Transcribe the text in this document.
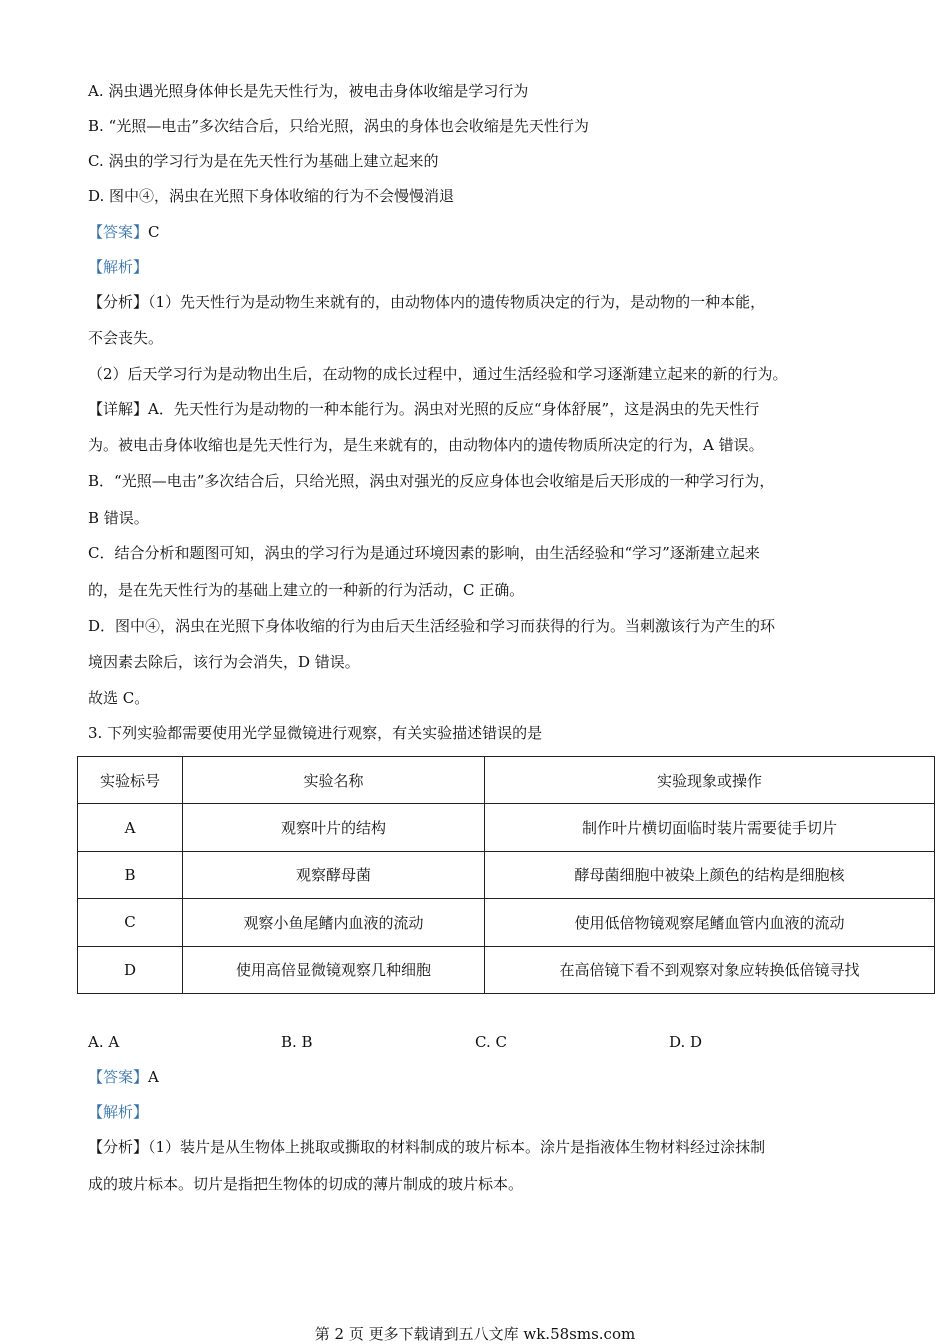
A. 涡虫遇光照身体伸长是先天性行为，被电击身体收缩是学习行为
B. “光照—电击”多次结合后，只给光照，涡虫的身体也会收缩是先天性行为
C. 涡虫的学习行为是在先天性行为基础上建立起来的
D. 图中④，涡虫在光照下身体收缩的行为不会慢慢消退
【答案】C
【解析】
【分析】（1）先天性行为是动物生来就有的，由动物体内的遗传物质决定的行为，是动物的一种本能，
不会丧失。
（2）后天学习行为是动物出生后，在动物的成长过程中，通过生活经验和学习逐渐建立起来的新的行为。
【详解】A．先天性行为是动物的一种本能行为。涡虫对光照的反应“身体舒展”，这是涡虫的先天性行
为。被电击身体收缩也是先天性行为，是生来就有的，由动物体内的遗传物质所决定的行为，A 错误。
B．“光照—电击”多次结合后，只给光照，涡虫对强光的反应身体也会收缩是后天形成的一种学习行为，
B 错误。
C．结合分析和题图可知，涡虫的学习行为是通过环境因素的影响，由生活经验和“学习”逐渐建立起来
的，是在先天性行为的基础上建立的一种新的行为活动，C 正确。
D．图中④，涡虫在光照下身体收缩的行为由后天生活经验和学习而获得的行为。当刺激该行为产生的环
境因素去除后，该行为会消失，D 错误。
故选 C。
3. 下列实验都需要使用光学显微镜进行观察，有关实验描述错误的是
实验标号	实验名称	实验现象或操作
A	观察叶片的结构	制作叶片横切面临时装片需要徒手切片
B	观察酵母菌	酵母菌细胞中被染上颜色的结构是细胞核
C	观察小鱼尾鳍内血液的流动	使用低倍物镜观察尾鳍血管内血液的流动
D	使用高倍显微镜观察几种细胞	在高倍镜下看不到观察对象应转换低倍镜寻找
A. A	B. B	C. C	D. D
【答案】A
【解析】
【分析】（1）装片是从生物体上挑取或撕取的材料制成的玻片标本。涂片是指液体生物材料经过涂抹制
成的玻片标本。切片是指把生物体的切成的薄片制成的玻片标本。
第 2 页 更多下载请到五八文库 wk.58sms.com
